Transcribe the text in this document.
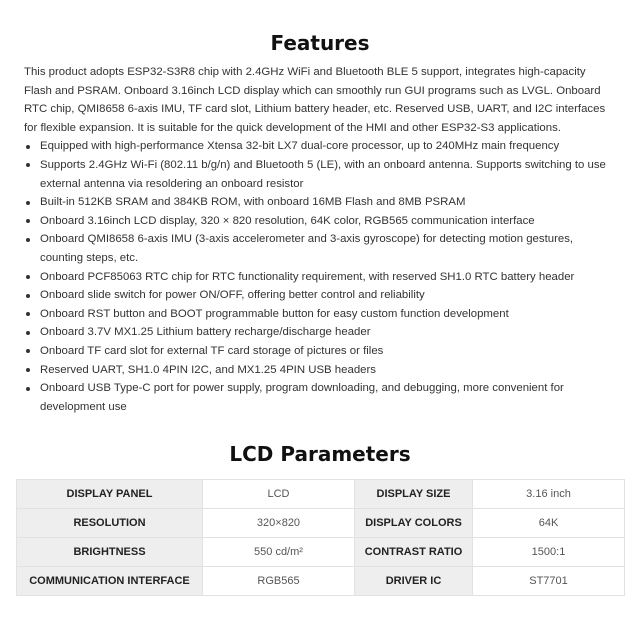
Features

This product adopts ESP32-S3R8 chip with 2.4GHz WiFi and Bluetooth BLE 5 support, integrates high-capacity Flash and PSRAM. Onboard 3.16inch LCD display which can smoothly run GUI programs such as LVGL. Onboard RTC chip, QMI8658 6-axis IMU, TF card slot, Lithium battery header, etc. Reserved USB, UART, and I2C interfaces for flexible expansion. It is suitable for the quick development of the HMI and other ESP32-S3 applications.

Equipped with high-performance Xtensa 32-bit LX7 dual-core processor, up to 240MHz main frequency
Supports 2.4GHz Wi-Fi (802.11 b/g/n) and Bluetooth 5 (LE), with an onboard antenna. Supports switching to use external antenna via resoldering an onboard resistor
Built-in 512KB SRAM and 384KB ROM, with onboard 16MB Flash and 8MB PSRAM
Onboard 3.16inch LCD display, 320 × 820 resolution, 64K color, RGB565 communication interface
Onboard QMI8658 6-axis IMU (3-axis accelerometer and 3-axis gyroscope) for detecting motion gestures, counting steps, etc.
Onboard PCF85063 RTC chip for RTC functionality requirement, with reserved SH1.0 RTC battery header
Onboard slide switch for power ON/OFF, offering better control and reliability
Onboard RST button and BOOT programmable button for easy custom function development
Onboard 3.7V MX1.25 Lithium battery recharge/discharge header
Onboard TF card slot for external TF card storage of pictures or files
Reserved UART, SH1.0 4PIN I2C, and MX1.25 4PIN USB headers
Onboard USB Type-C port for power supply, program downloading, and debugging, more convenient for development use
LCD Parameters
DISPLAY PANEL	LCD	DISPLAY SIZE	3.16 inch
RESOLUTION	320×820	DISPLAY COLORS	64K
BRIGHTNESS	550 cd/m²	CONTRAST RATIO	1500:1
COMMUNICATION INTERFACE	RGB565	DRIVER IC	ST7701
